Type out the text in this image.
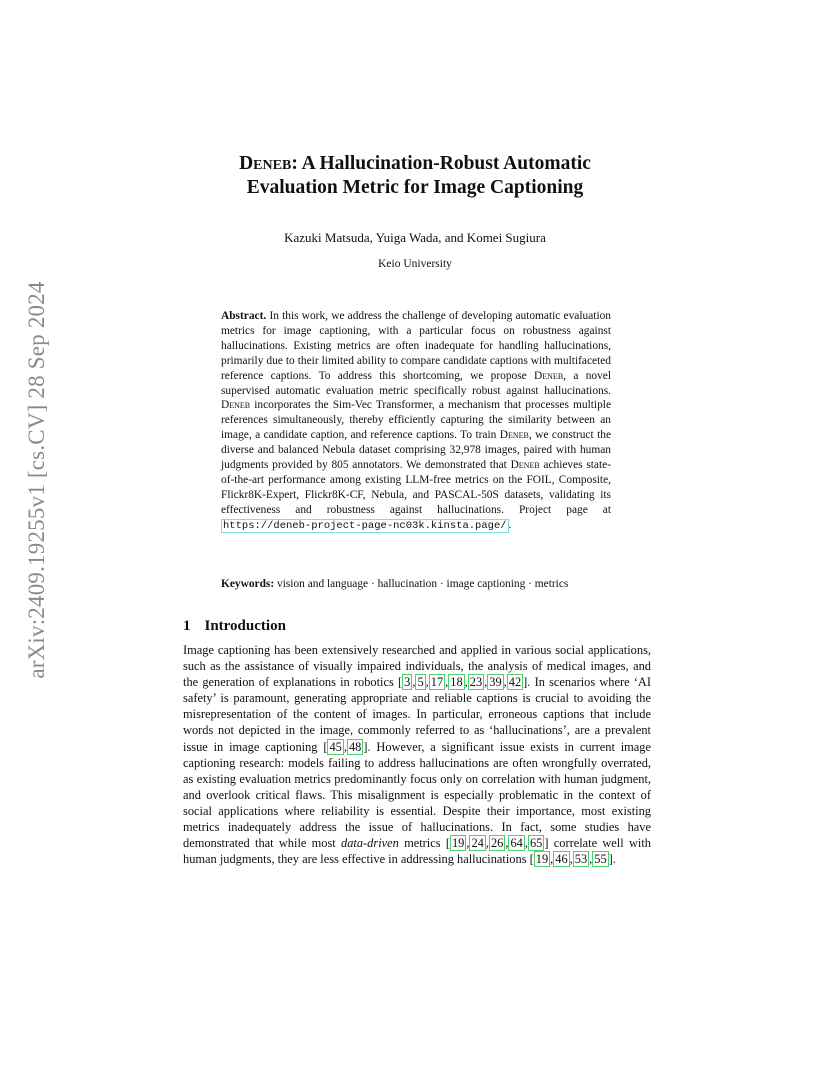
arXiv:2409.19255v1 [cs.CV] 28 Sep 2024
Deneb: A Hallucination-Robust Automatic
Evaluation Metric for Image Captioning
Kazuki Matsuda, Yuiga Wada, and Komei Sugiura
Keio University
Abstract. In this work, we address the challenge of developing automatic evaluation metrics for image captioning, with a particular focus on robustness against hallucinations. Existing metrics are often inadequate for handling hallucinations, primarily due to their limited ability to compare candidate captions with multifaceted reference captions. To address this shortcoming, we propose Deneb, a novel supervised automatic evaluation metric specifically robust against hallucinations. Deneb incorporates the Sim-Vec Transformer, a mechanism that processes multiple references simultaneously, thereby efficiently capturing the similarity between an image, a candidate caption, and reference captions. To train Deneb, we construct the diverse and balanced Nebula dataset comprising 32,978 images, paired with human judgments provided by 805 annotators. We demonstrated that Deneb achieves state-of-the-art performance among existing LLM-free metrics on the FOIL, Composite, Flickr8K-Expert, Flickr8K-CF, Nebula, and PASCAL-50S datasets, validating its effectiveness and robustness against hallucinations. Project page at https://deneb-project-page-nc03k.kinsta.page/ .
Keywords: vision and language · hallucination · image captioning · metrics
1 Introduction
Image captioning has been extensively researched and applied in various social applications, such as the assistance of visually impaired individuals, the analysis of medical images, and the generation of explanations in robotics [ 3 , 5 , 17 , 18 , 23 , 39 , 42 ]. In scenarios where ‘AI safety’ is paramount, generating appropriate and reliable captions is crucial to avoiding the misrepresentation of the content of images. In particular, erroneous captions that include words not depicted in the image, commonly referred to as ‘hallucinations’, are a prevalent issue in image captioning [ 45 , 48 ]. However, a significant issue exists in current image captioning research: models failing to address hallucinations are often wrongfully overrated, as existing evaluation metrics predominantly focus only on correlation with human judgment, and overlook critical flaws. This misalignment is especially problematic in the context of social applications where reliability is essential. Despite their importance, most existing metrics inadequately address the issue of hallucinations. In fact, some studies have demonstrated that while most data-driven metrics [ 19 , 24 , 26 , 64 , 65 ] correlate well with human judgments, they are less effective in addressing hallucinations [ 19 , 46 , 53 , 55 ].
